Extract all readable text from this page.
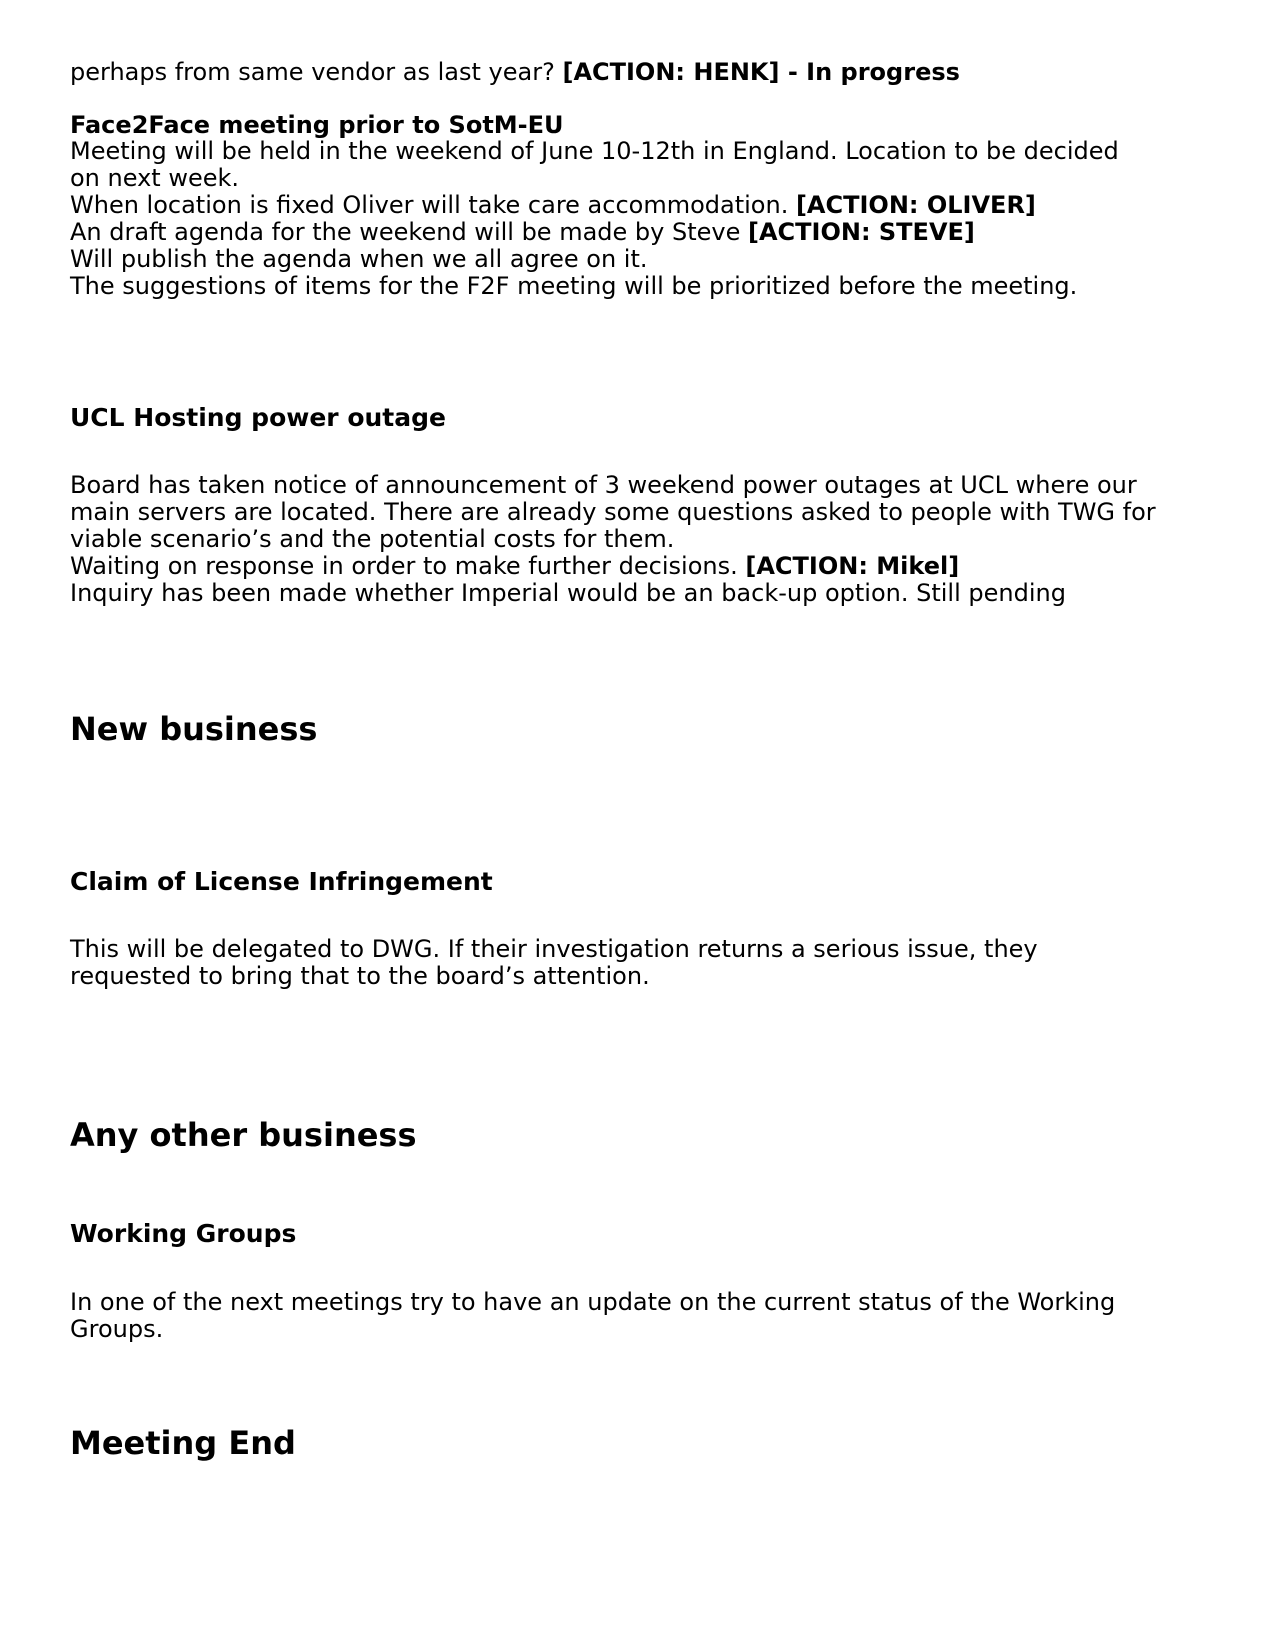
perhaps from same vendor as last year? [ACTION: HENK] - In progress
Face2Face meeting prior to SotM-EU
Meeting will be held in the weekend of June 10-12th in England. Location to be decided
on next week.
When location is fixed Oliver will take care accommodation. [ACTION: OLIVER]
An draft agenda for the weekend will be made by Steve [ACTION: STEVE]
Will publish the agenda when we all agree on it.
The suggestions of items for the F2F meeting will be prioritized before the meeting.
UCL Hosting power outage
Board has taken notice of announcement of 3 weekend power outages at UCL where our
main servers are located. There are already some questions asked to people with TWG for
viable scenario’s and the potential costs for them.
Waiting on response in order to make further decisions. [ACTION: Mikel]
Inquiry has been made whether Imperial would be an back-up option. Still pending
New business
Claim of License Infringement
This will be delegated to DWG. If their investigation returns a serious issue, they
requested to bring that to the board’s attention.
Any other business
Working Groups
In one of the next meetings try to have an update on the current status of the Working
Groups.
Meeting End
